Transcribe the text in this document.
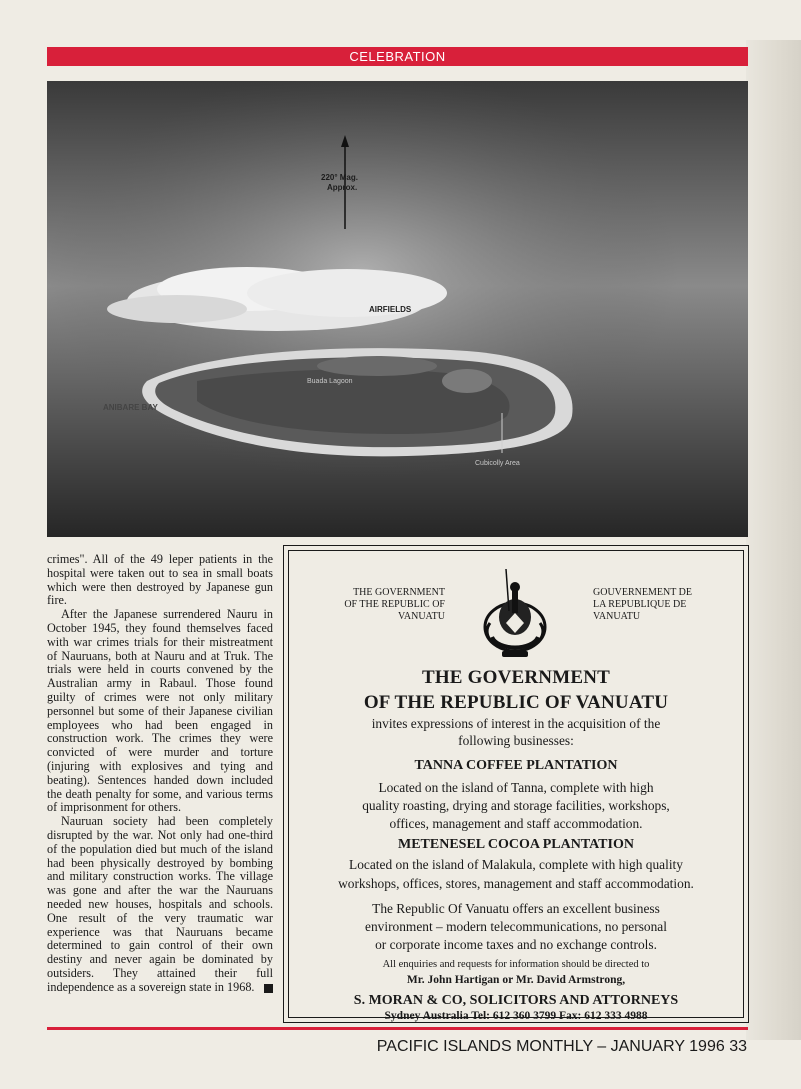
CELEBRATION
220° Mag.
Approx.
AIRFIELDS
ANIBARE BAY
Buada Lagoon
Cubicolly Area

crimes". All of the 49 leper patients in the hospital were taken out to sea in small boats which were then destroyed by Japanese gun fire.

After the Japanese surrendered Nauru in October 1945, they found themselves faced with war crimes trials for their mistreatment of Nauruans, both at Nauru and at Truk. The trials were held in courts convened by the Australian army in Rabaul. Those found guilty of crimes were not only military personnel but some of their Japanese civilian employees who had been engaged in construction work. The crimes they were convicted of were murder and torture (injuring with explosives and tying and beating). Sentences handed down included the death penalty for some, and various terms of imprisonment for others.

Nauruan society had been completely disrupted by the war. Not only had one-third of the population died but much of the island had been physically destroyed by bombing and military construction works. The village was gone and after the war the Nauruans needed new houses, hospitals and schools. One result of the very traumatic war experience was that Nauruans became determined to gain control of their own destiny and never again be dominated by outsiders. They attained their full independence as a sovereign state in 1968.

THE GOVERNMENT
OF THE REPUBLIC OF
VANUATU
GOUVERNEMENT DE
LA REPUBLIQUE DE
VANUATU
THE GOVERNMENT
OF THE REPUBLIC OF VANUATU
invites expressions of interest in the acquisition of the
following businesses:
TANNA COFFEE PLANTATION
Located on the island of Tanna, complete with high
quality roasting, drying and storage facilities, workshops,
offices, management and staff accommodation.
METENESEL COCOA PLANTATION
Located on the island of Malakula, complete with high quality
workshops, offices, stores, management and staff accommodation.
The Republic Of Vanuatu offers an excellent business
environment – modern telecommunications, no personal
or corporate income taxes and no exchange controls.
All enquiries and requests for information should be directed to
Mr. John Hartigan or Mr. David Armstrong,
S. MORAN & CO, SOLICITORS AND ATTORNEYS
Sydney Australia Tel: 612 360 3799 Fax: 612 333 4988
PACIFIC ISLANDS MONTHLY – JANUARY 1996 33
